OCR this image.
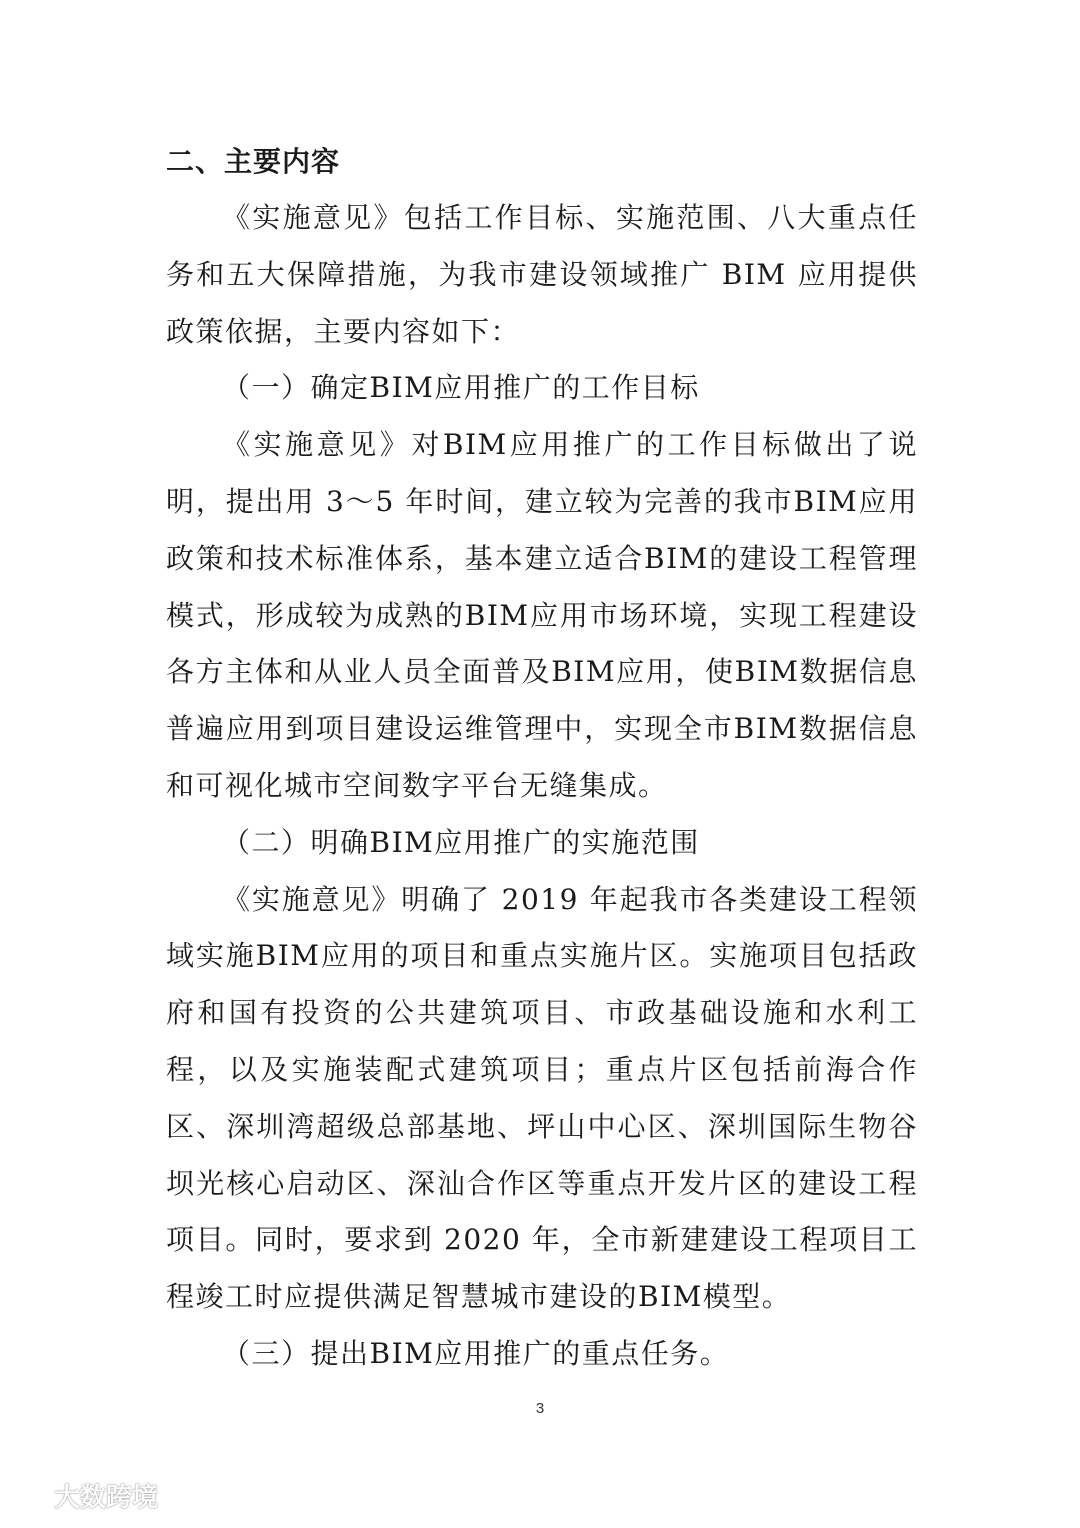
二、主要内容

《实施意见》包括工作目标、实施范围、八大重点任务和五大保障措施，为我市建设领域推广 BIM 应用提供政策依据，主要内容如下：

（一）确定BIM应用推广的工作目标

《实施意见》对BIM应用推广的工作目标做出了说明，提出用 3～5 年时间，建立较为完善的我市BIM应用政策和技术标准体系，基本建立适合BIM的建设工程管理模式，形成较为成熟的BIM应用市场环境，实现工程建设各方主体和从业人员全面普及BIM应用，使BIM数据信息普遍应用到项目建设运维管理中，实现全市BIM数据信息和可视化城市空间数字平台无缝集成。

（二）明确BIM应用推广的实施范围

《实施意见》明确了 2019 年起我市各类建设工程领域实施BIM应用的项目和重点实施片区。实施项目包括政府和国有投资的公共建筑项目、市政基础设施和水利工程，以及实施装配式建筑项目；重点片区包括前海合作区、深圳湾超级总部基地、坪山中心区、深圳国际生物谷坝光核心启动区、深汕合作区等重点开发片区的建设工程项目。同时，要求到 2020 年，全市新建建设工程项目工程竣工时应提供满足智慧城市建设的BIM模型。

（三）提出BIM应用推广的重点任务。

3
大数跨境
